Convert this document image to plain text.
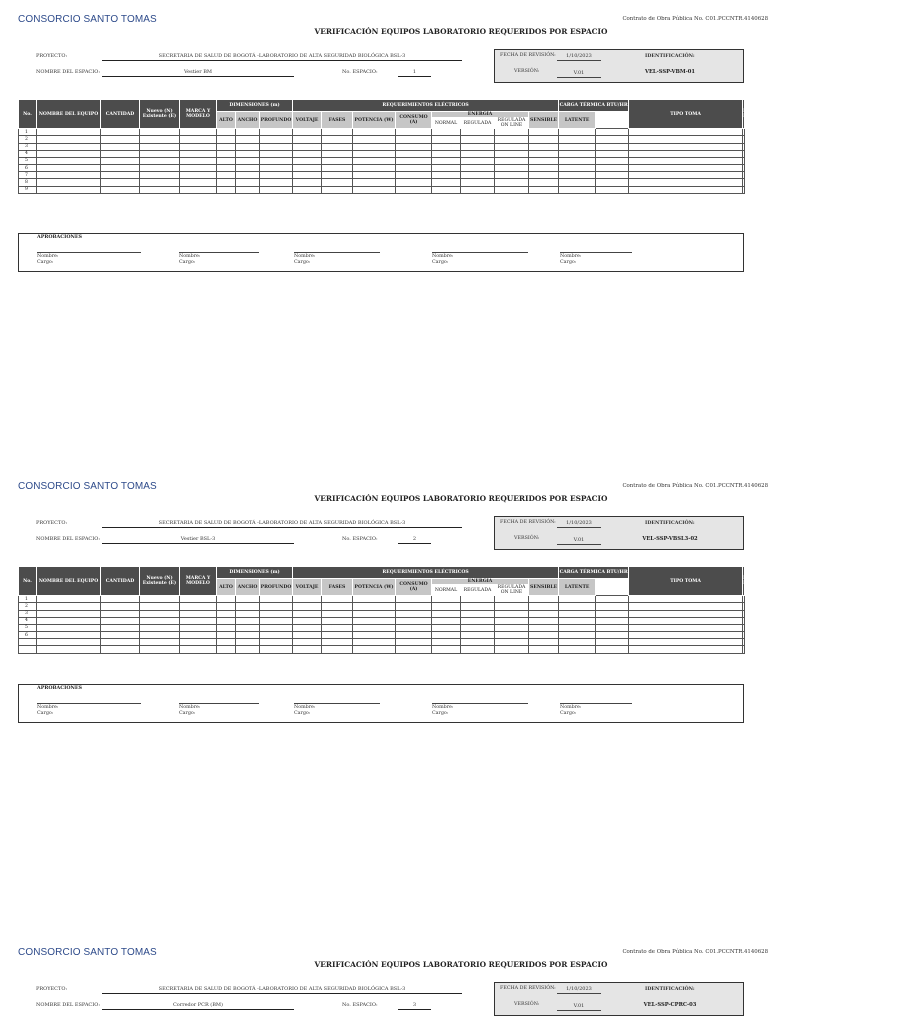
CONSORCIO SANTO TOMAS	Contrato de Obra Pública No. C01.PCCNTR.4140628
VERIFICACIÓN EQUIPOS LABORATORIO REQUERIDOS POR ESPACIO
PROYECTO:	SECRETARIA DE SALUD DE BOGOTÁ -LABORATORIO DE ALTA SEGURIDAD BIOLÓGICA BSL-3
NOMBRE DEL ESPACIO:	Vestier BM	No. ESPACIO:	1
FECHA DE REVISIÓN:	1/10/2023	IDENTIFICACIÓN:
VERSIÓN:	V.01	VEL-SSP-VBM-01
No.	NOMBRE DEL EQUIPO	CANTIDAD	Nuevo (N) Existente (E)	MARCA Y MODELO	DIMENSIONES (m)			REQUERIMIENTOS ELÉCTRICOS								CARGA TÉRMICA BTU/HR		TIPO TOMA	REQUERIMIENTOS ESPECIALES
					ALTO	ANCHO	PROFUNDO	VOLTAJE	FASES	POTENCIA (W)	CONSUMO (A)	ENERGIA			SENSIBLE	LATENTE			
												NORMAL	REGULADA	REGULADA ON LINE					
1																				
2																				
3																				
4																				
5																				
6																				
7																				
8																				
9																				
APROBACIONES
Nombre:
Cargo:
Nombre:
Cargo:
Nombre:
Cargo:
Nombre:
Cargo:
Nombre:
Cargo:
CONSORCIO SANTO TOMAS	Contrato de Obra Pública No. C01.PCCNTR.4140628
VERIFICACIÓN EQUIPOS LABORATORIO REQUERIDOS POR ESPACIO
PROYECTO:	SECRETARIA DE SALUD DE BOGOTÁ -LABORATORIO DE ALTA SEGURIDAD BIOLÓGICA BSL-3
NOMBRE DEL ESPACIO:	Vestier BSL-3	No. ESPACIO:	2
FECHA DE REVISIÓN:	1/10/2023	IDENTIFICACIÓN:
VERSIÓN:	V.01	VEL-SSP-VBSL3-02
No.	NOMBRE DEL EQUIPO	CANTIDAD	Nuevo (N) Existente (E)	MARCA Y MODELO	DIMENSIONES (m)			REQUERIMIENTOS ELÉCTRICOS								CARGA TÉRMICA BTU/HR		TIPO TOMA	REQUERIMIENTOS ESPECIALES
					ALTO	ANCHO	PROFUNDO	VOLTAJE	FASES	POTENCIA (W)	CONSUMO (A)	ENERGIA			SENSIBLE	LATENTE			
												NORMAL	REGULADA	REGULADA ON LINE					
1																				
2																				
3																				
4																				
5																				
6																				

APROBACIONES
Nombre:
Cargo:
Nombre:
Cargo:
Nombre:
Cargo:
Nombre:
Cargo:
Nombre:
Cargo:
CONSORCIO SANTO TOMAS	Contrato de Obra Pública No. C01.PCCNTR.4140628
VERIFICACIÓN EQUIPOS LABORATORIO REQUERIDOS POR ESPACIO
PROYECTO:	SECRETARIA DE SALUD DE BOGOTÁ -LABORATORIO DE ALTA SEGURIDAD BIOLÓGICA BSL-3
NOMBRE DEL ESPACIO:	Corredor PCR (BM)	No. ESPACIO:	3
FECHA DE REVISIÓN:	1/10/2023	IDENTIFICACIÓN:
VERSIÓN:	V.01	VEL-SSP-CPRC-03
